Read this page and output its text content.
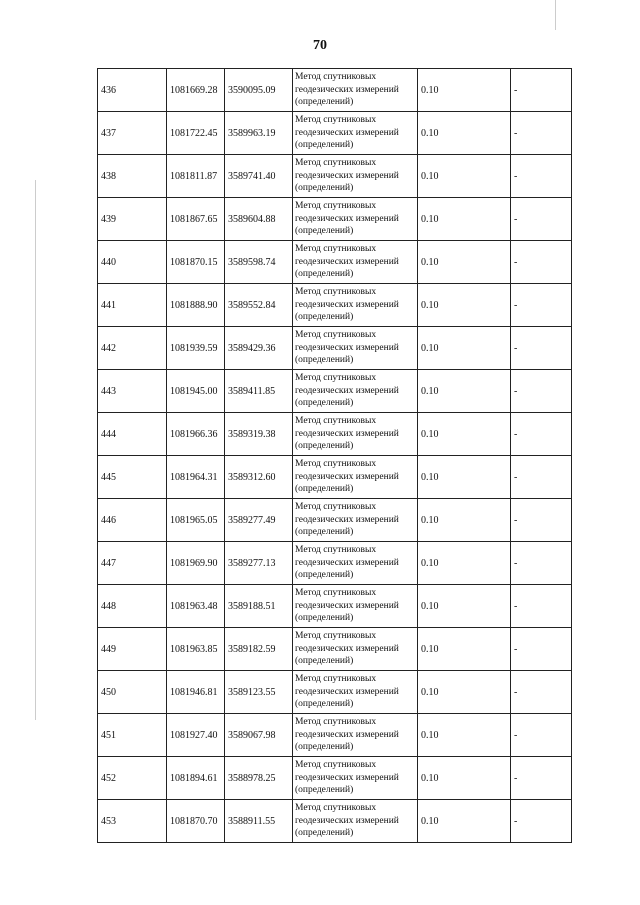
70
436	1081669.28	3590095.09	Метод спутниковых геодезических измерений (определений)	0.10	-
437	1081722.45	3589963.19	Метод спутниковых геодезических измерений (определений)	0.10	-
438	1081811.87	3589741.40	Метод спутниковых геодезических измерений (определений)	0.10	-
439	1081867.65	3589604.88	Метод спутниковых геодезических измерений (определений)	0.10	-
440	1081870.15	3589598.74	Метод спутниковых геодезических измерений (определений)	0.10	-
441	1081888.90	3589552.84	Метод спутниковых геодезических измерений (определений)	0.10	-
442	1081939.59	3589429.36	Метод спутниковых геодезических измерений (определений)	0.10	-
443	1081945.00	3589411.85	Метод спутниковых геодезических измерений (определений)	0.10	-
444	1081966.36	3589319.38	Метод спутниковых геодезических измерений (определений)	0.10	-
445	1081964.31	3589312.60	Метод спутниковых геодезических измерений (определений)	0.10	-
446	1081965.05	3589277.49	Метод спутниковых геодезических измерений (определений)	0.10	-
447	1081969.90	3589277.13	Метод спутниковых геодезических измерений (определений)	0.10	-
448	1081963.48	3589188.51	Метод спутниковых геодезических измерений (определений)	0.10	-
449	1081963.85	3589182.59	Метод спутниковых геодезических измерений (определений)	0.10	-
450	1081946.81	3589123.55	Метод спутниковых геодезических измерений (определений)	0.10	-
451	1081927.40	3589067.98	Метод спутниковых геодезических измерений (определений)	0.10	-
452	1081894.61	3588978.25	Метод спутниковых геодезических измерений (определений)	0.10	-
453	1081870.70	3588911.55	Метод спутниковых геодезических измерений (определений)	0.10	-
